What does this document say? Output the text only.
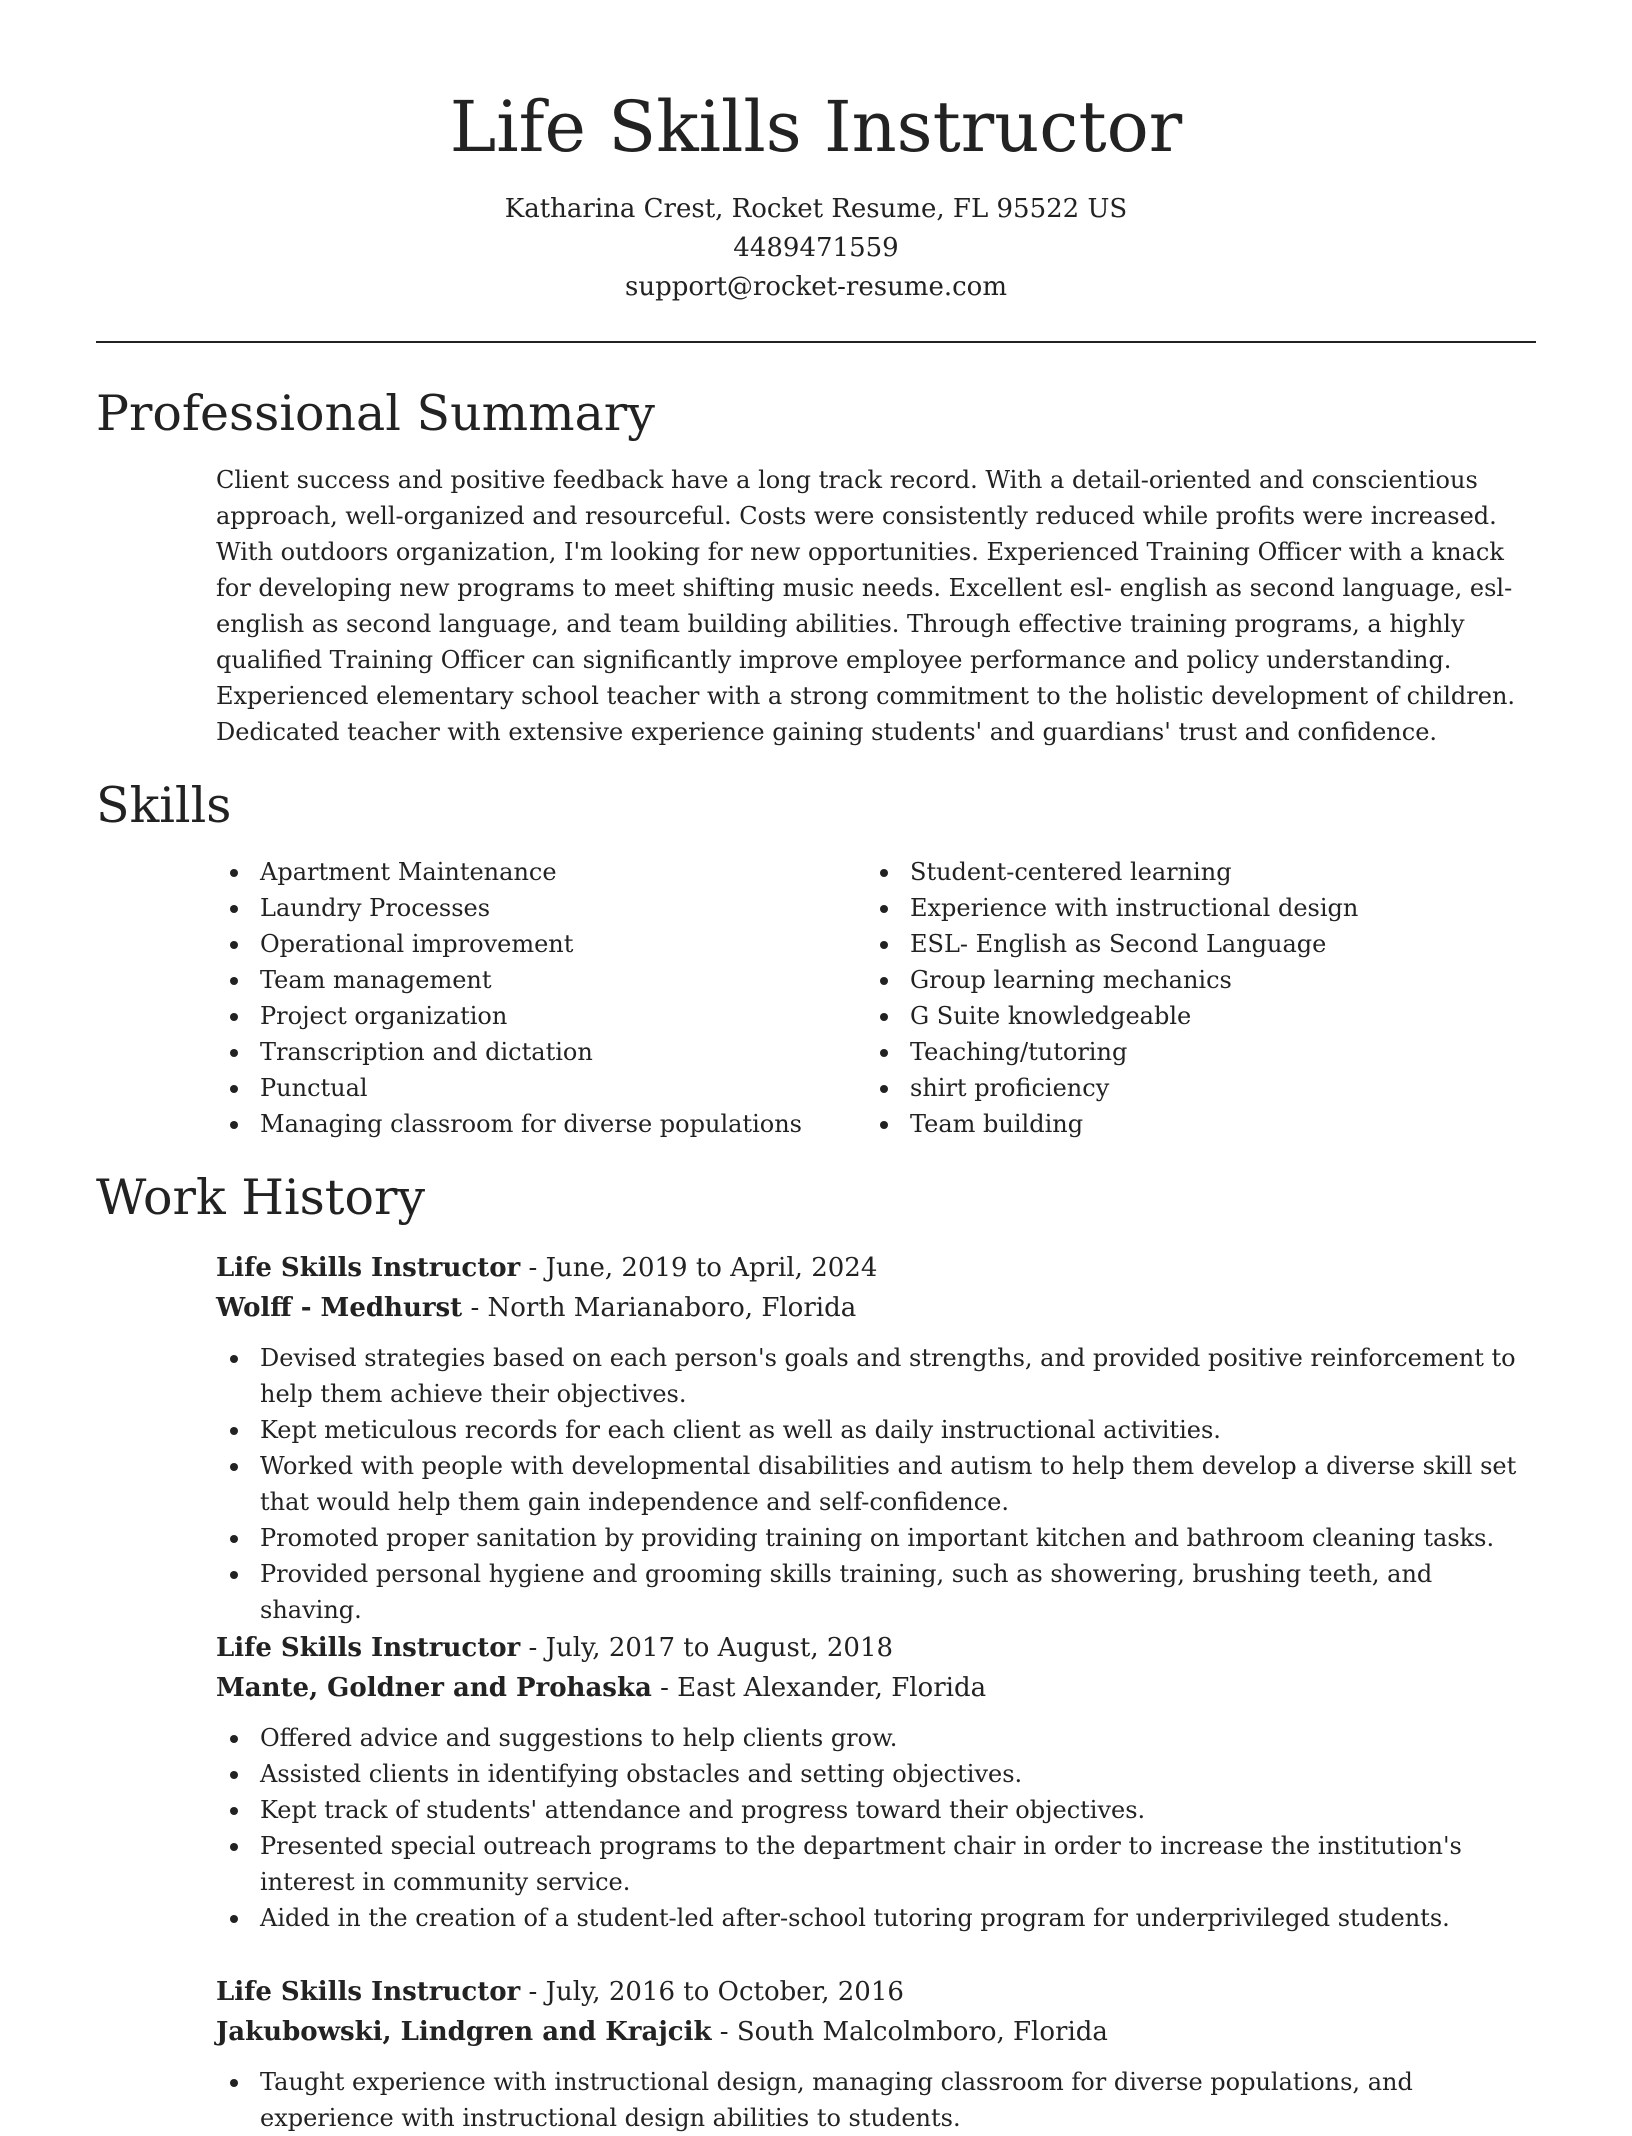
Life Skills Instructor
Katharina Crest, Rocket Resume, FL 95522 US
4489471559
support@rocket-resume.com
Professional Summary

Client success and positive feedback have a long track record. With a detail-oriented and conscientious approach, well-organized and resourceful. Costs were consistently reduced while profits were increased. With outdoors organization, I'm looking for new opportunities. Experienced Training Officer with a knack for developing new programs to meet shifting music needs. Excellent esl- english as second language, esl- english as second language, and team building abilities. Through effective training programs, a highly qualified Training Officer can significantly improve employee performance and policy understanding. Experienced elementary school teacher with a strong commitment to the holistic development of children. Dedicated teacher with extensive experience gaining students' and guardians' trust and confidence.

Skills
Apartment Maintenance
Laundry Processes
Operational improvement
Team management
Project organization
Transcription and dictation
Punctual
Managing classroom for diverse populations
Student-centered learning
Experience with instructional design
ESL- English as Second Language
Group learning mechanics
G Suite knowledgeable
Teaching/tutoring
shirt proficiency
Team building
Work History
Life Skills Instructor - June, 2019 to April, 2024
Wolff - Medhurst - North Marianaboro, Florida
Devised strategies based on each person's goals and strengths, and provided positive reinforcement to help them achieve their objectives.
Kept meticulous records for each client as well as daily instructional activities.
Worked with people with developmental disabilities and autism to help them develop a diverse skill set that would help them gain independence and self-confidence.
Promoted proper sanitation by providing training on important kitchen and bathroom cleaning tasks.
Provided personal hygiene and grooming skills training, such as showering, brushing teeth, and shaving.
Life Skills Instructor - July, 2017 to August, 2018
Mante, Goldner and Prohaska - East Alexander, Florida
Offered advice and suggestions to help clients grow.
Assisted clients in identifying obstacles and setting objectives.
Kept track of students' attendance and progress toward their objectives.
Presented special outreach programs to the department chair in order to increase the institution's interest in community service.
Aided in the creation of a student-led after-school tutoring program for underprivileged students.
Life Skills Instructor - July, 2016 to October, 2016
Jakubowski, Lindgren and Krajcik - South Malcolmboro, Florida
Taught experience with instructional design, managing classroom for diverse populations, and experience with instructional design abilities to students.
